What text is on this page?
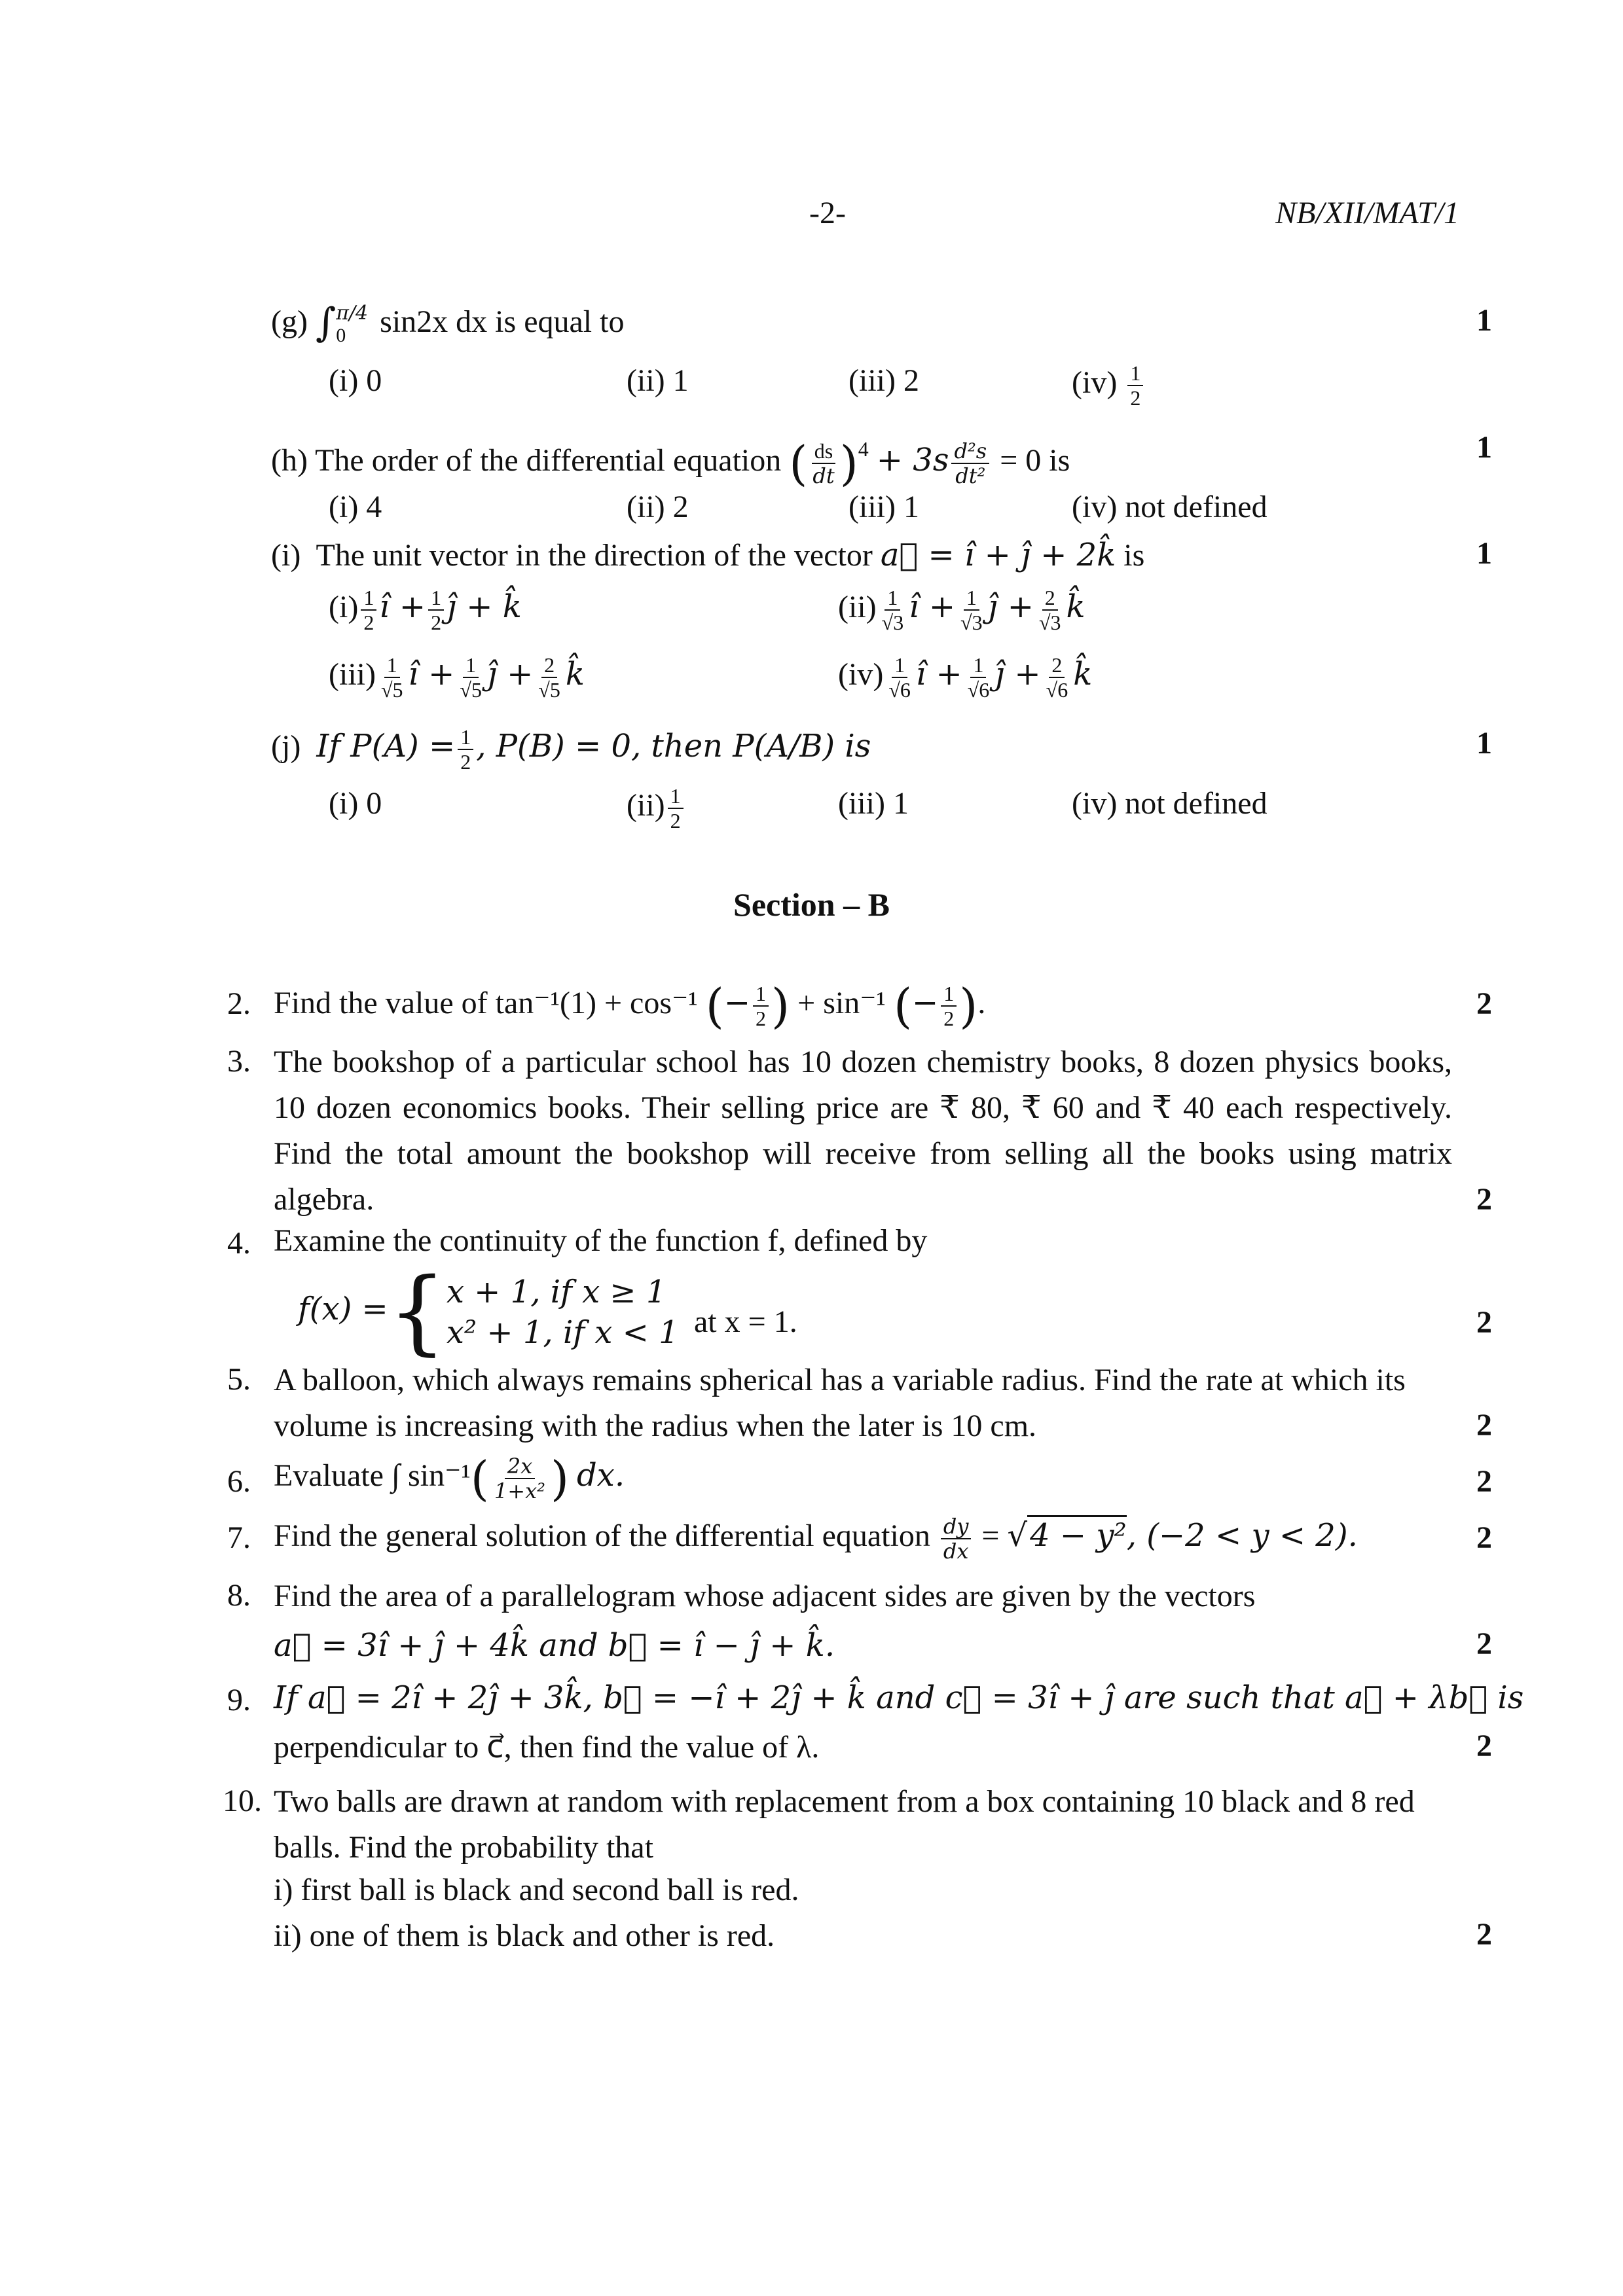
-2-	NB/XII/MAT/1
(g) ∫ π/4
0	sin2x dx is equal to	1
(i) 0	(ii) 1	(iii) 2	$(iv) \frac{1}{2}$
(h) The order of the differential equation ( $\frac{ds}{dt} )^4 + 3s \frac{\text{d²s}}{\text{dt²}} = 0$ is	1
(i) 4	(ii) 2	(iii) 1	(iv) not defined
(i) The unit vector in the direction of the vector a⃗ = î + ĵ + 2k̂ is	1
$(i) \frac{1}{2}$ î + $\frac{1}{2}$ ĵ + k̂	$(ii) \frac{1}{√3}$ î + $\frac{1}{√3}$ ĵ + $\frac{2}{√3}$ k̂
$(iii) \frac{1}{√5}$ î + $\frac{1}{√5}$ ĵ + $\frac{2}{√5}$ k̂	$(iv) \frac{1}{√6}$ î + $\frac{1}{√6}$ ĵ + $\frac{2}{√6}$ k̂
(j) If $P(A) = \frac{1}{2}$ , P(B) = 0, then P(A/B) is	1
(i) 0	$(ii) \frac{1}{2}$	(iii) 1	(iv) not defined
Section – B
2. Find the value of tan⁻¹(1) + cos⁻¹ (− $\frac{1}{2}$ ) + sin⁻¹ (− $\frac{1}{2}$ ).	2
3. The bookshop of a particular school has 10 dozen chemistry books, 8 dozen physics books, 10 dozen economics books. Their selling price are ₹ 80, ₹ 60 and ₹ 40 each respectively. Find the total amount the bookshop will receive from selling all the books using matrix algebra.	2
4. Examine the continuity of the function f, defined by
f(x) ={ x + 1, if x ≥ 1
x² + 1, if x < 1 at x = 1.	2
5. A balloon, which always remains spherical has a variable radius. Find the rate at which its volume is increasing with the radius when the later is 10 cm.	2
6. Evaluate ∫ $\sin^{-1}( \frac{2x}{\text{1+x²}}$ ) dx.	2
7. Find the general solution of the differential equation $\frac{dy}{dx} = √4 - y^2$, (−2 < y < 2).	2
8. Find the area of a parallelogram whose adjacent sides are given by the vectors
a⃗ = 3î + ĵ + 4k̂ and b⃗ = î − ĵ + k̂.	2
9. If a⃗ = 2î + 2ĵ + 3k̂, b⃗ = −î + 2ĵ + k̂ and c⃗ = 3î + ĵ are such that a⃗ + λb⃗ is
perpendicular to c⃗, then find the value of λ.	2
10. Two balls are drawn at random with replacement from a box containing 10 black and 8 red balls. Find the probability that
i) first ball is black and second ball is red.
ii) one of them is black and other is red.	2
